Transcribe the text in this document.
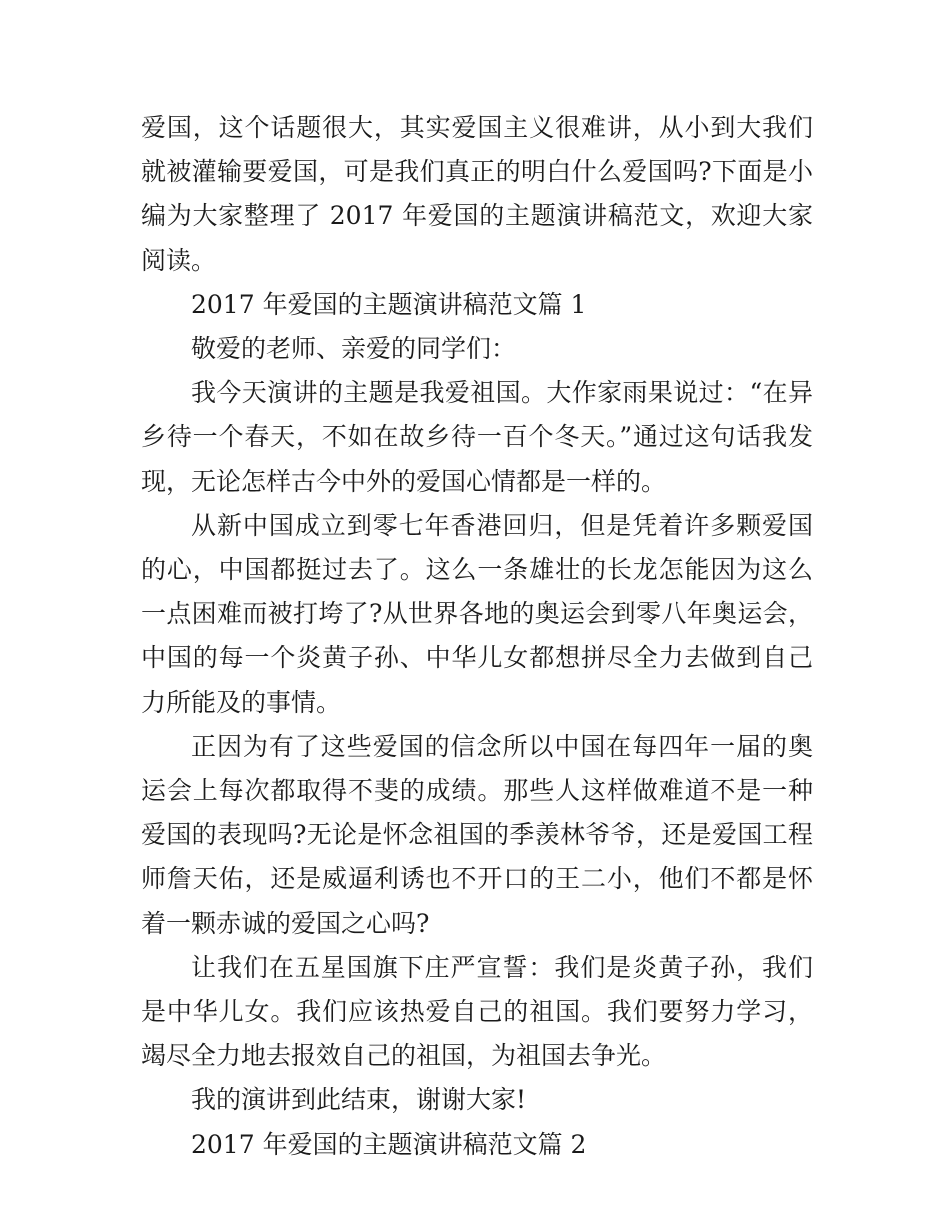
爱国，这个话题很大，其实爱国主义很难讲，从小到大我们就被灌输要爱国，可是我们真正的明白什么爱国吗?下面是小编为大家整理了 2017 年爱国的主题演讲稿范文，欢迎大家阅读。

2017 年爱国的主题演讲稿范文篇 1

敬爱的老师、亲爱的同学们：

我今天演讲的主题是我爱祖国。大作家雨果说过：“在异乡待一个春天，不如在故乡待一百个冬天。”通过这句话我发现，无论怎样古今中外的爱国心情都是一样的。

从新中国成立到零七年香港回归，但是凭着许多颗爱国的心，中国都挺过去了。这么一条雄壮的长龙怎能因为这么一点困难而被打垮了?从世界各地的奥运会到零八年奥运会，中国的每一个炎黄子孙、中华儿女都想拼尽全力去做到自己力所能及的事情。

正因为有了这些爱国的信念所以中国在每四年一届的奥运会上每次都取得不斐的成绩。那些人这样做难道不是一种爱国的表现吗?无论是怀念祖国的季羡林爷爷，还是爱国工程师詹天佑，还是威逼利诱也不开口的王二小，他们不都是怀着一颗赤诚的爱国之心吗?

让我们在五星国旗下庄严宣誓：我们是炎黄子孙，我们是中华儿女。我们应该热爱自己的祖国。我们要努力学习，竭尽全力地去报效自己的祖国，为祖国去争光。

我的演讲到此结束，谢谢大家!

2017 年爱国的主题演讲稿范文篇 2
